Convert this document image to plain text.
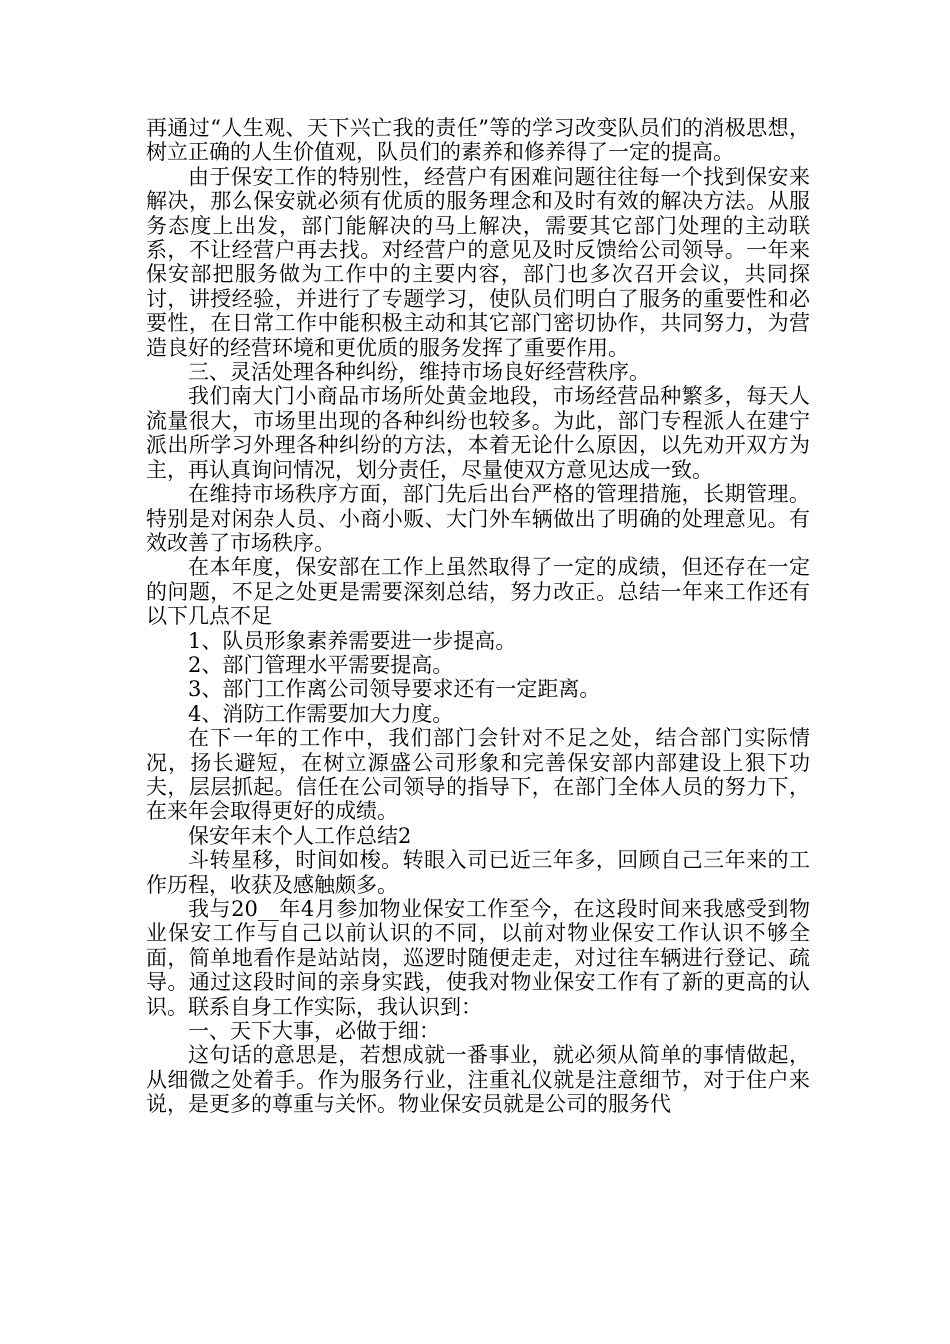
再通过“人生观、天下兴亡我的责任”等的学习改变队员们的消极思想，树立正确的人生价值观，队员们的素养和修养得了一定的提高。

由于保安工作的特别性，经营户有困难问题往往每一个找到保安来解决，那么保安就必须有优质的服务理念和及时有效的解决方法。从服务态度上出发，部门能解决的马上解决，需要其它部门处理的主动联系，不让经营户再去找。对经营户的意见及时反馈给公司领导。一年来保安部把服务做为工作中的主要内容，部门也多次召开会议，共同探讨，讲授经验，并进行了专题学习，使队员们明白了服务的重要性和必要性，在日常工作中能积极主动和其它部门密切协作，共同努力，为营造良好的经营环境和更优质的服务发挥了重要作用。

三、灵活处理各种纠纷，维持市场良好经营秩序。

我们南大门小商品市场所处黄金地段，市场经营品种繁多，每天人流量很大，市场里出现的各种纠纷也较多。为此，部门专程派人在建宁派出所学习外理各种纠纷的方法，本着无论什么原因，以先劝开双方为主，再认真询问情况，划分责任，尽量使双方意见达成一致。

在维持市场秩序方面，部门先后出台严格的管理措施，长期管理。特别是对闲杂人员、小商小贩、大门外车辆做出了明确的处理意见。有效改善了市场秩序。

在本年度，保安部在工作上虽然取得了一定的成绩，但还存在一定的问题，不足之处更是需要深刻总结，努力改正。总结一年来工作还有以下几点不足

1、队员形象素养需要进一步提高。

2、部门管理水平需要提高。

3、部门工作离公司领导要求还有一定距离。

4、消防工作需要加大力度。

在下一年的工作中，我们部门会针对不足之处，结合部门实际情况，扬长避短，在树立源盛公司形象和完善保安部内部建设上狠下功夫，层层抓起。信任在公司领导的指导下，在部门全体人员的努力下，在来年会取得更好的成绩。

保安年末个人工作总结2

斗转星移，时间如梭。转眼入司已近三年多，回顾自己三年来的工作历程，收获及感触颇多。

我与20__年4月参加物业保安工作至今，在这段时间来我感受到物业保安工作与自己以前认识的不同，以前对物业保安工作认识不够全面，简单地看作是站站岗，巡逻时随便走走，对过往车辆进行登记、疏导。通过这段时间的亲身实践，使我对物业保安工作有了新的更高的认识。联系自身工作实际，我认识到：

一、天下大事，必做于细：

这句话的意思是，若想成就一番事业，就必须从简单的事情做起，从细微之处着手。作为服务行业，注重礼仪就是注意细节，对于住户来说，是更多的尊重与关怀。物业保安员就是公司的服务代
